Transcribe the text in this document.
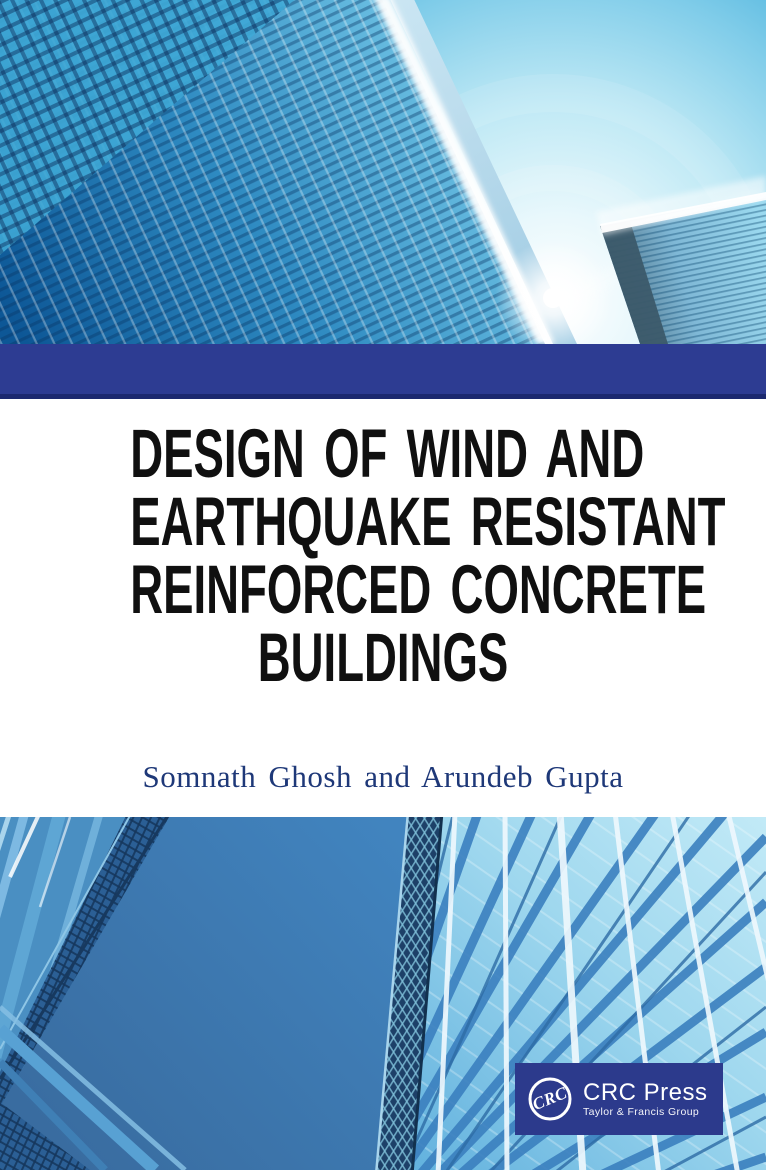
DESIGN OF WIND AND
EARTHQUAKE RESISTANT
REINFORCED CONCRETE
BUILDINGS
Somnath Ghosh and Arundeb Gupta
CRC CRC Press
Taylor & Francis Group
